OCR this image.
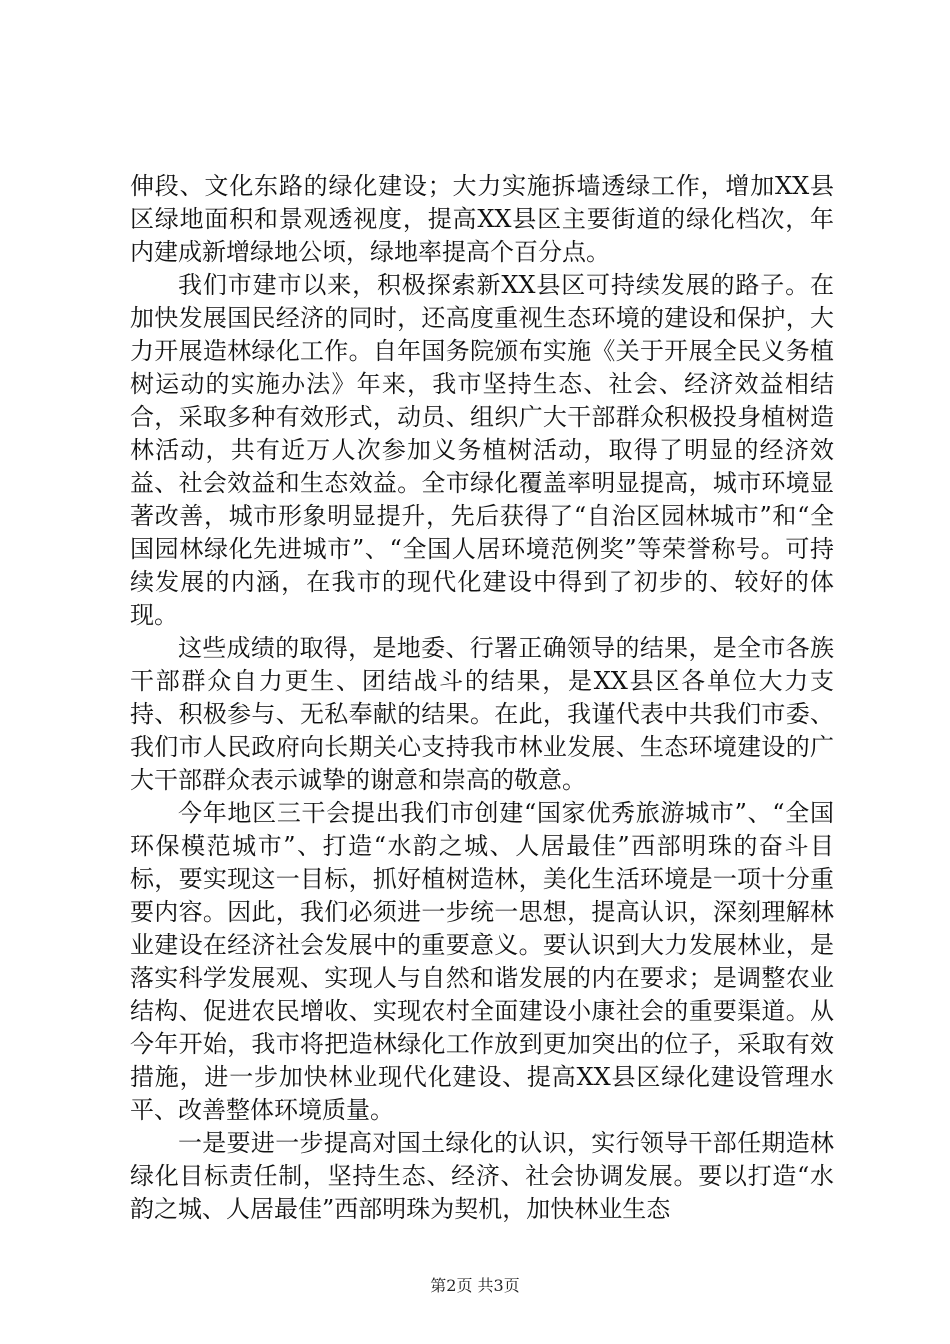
伸段、文化东路的绿化建设；大力实施拆墙透绿工作，增加XX县区绿地面积和景观透视度，提高XX县区主要街道的绿化档次，年内建成新增绿地公顷，绿地率提高个百分点。

我们市建市以来，积极探索新XX县区可持续发展的路子。在加快发展国民经济的同时，还高度重视生态环境的建设和保护，大力开展造林绿化工作。自年国务院颁布实施《关于开展全民义务植树运动的实施办法》年来，我市坚持生态、社会、经济效益相结合，采取多种有效形式，动员、组织广大干部群众积极投身植树造林活动，共有近万人次参加义务植树活动，取得了明显的经济效益、社会效益和生态效益。全市绿化覆盖率明显提高，城市环境显著改善，城市形象明显提升，先后获得了“自治区园林城市”和“全国园林绿化先进城市”、“全国人居环境范例奖”等荣誉称号。可持续发展的内涵，在我市的现代化建设中得到了初步的、较好的体现。

这些成绩的取得，是地委、行署正确领导的结果，是全市各族干部群众自力更生、团结战斗的结果，是XX县区各单位大力支持、积极参与、无私奉献的结果。在此，我谨代表中共我们市委、我们市人民政府向长期关心支持我市林业发展、生态环境建设的广大干部群众表示诚挚的谢意和崇高的敬意。

今年地区三干会提出我们市创建“国家优秀旅游城市”、“全国环保模范城市”、打造“水韵之城、人居最佳”西部明珠的奋斗目标，要实现这一目标，抓好植树造林，美化生活环境是一项十分重要内容。因此，我们必须进一步统一思想，提高认识，深刻理解林业建设在经济社会发展中的重要意义。要认识到大力发展林业，是落实科学发展观、实现人与自然和谐发展的内在要求；是调整农业结构、促进农民增收、实现农村全面建设小康社会的重要渠道。从今年开始，我市将把造林绿化工作放到更加突出的位子，采取有效措施，进一步加快林业现代化建设、提高XX县区绿化建设管理水平、改善整体环境质量。

一是要进一步提高对国土绿化的认识，实行领导干部任期造林绿化目标责任制，坚持生态、经济、社会协调发展。要以打造“水韵之城、人居最佳”西部明珠为契机，加快林业生态

第2页 共3页
